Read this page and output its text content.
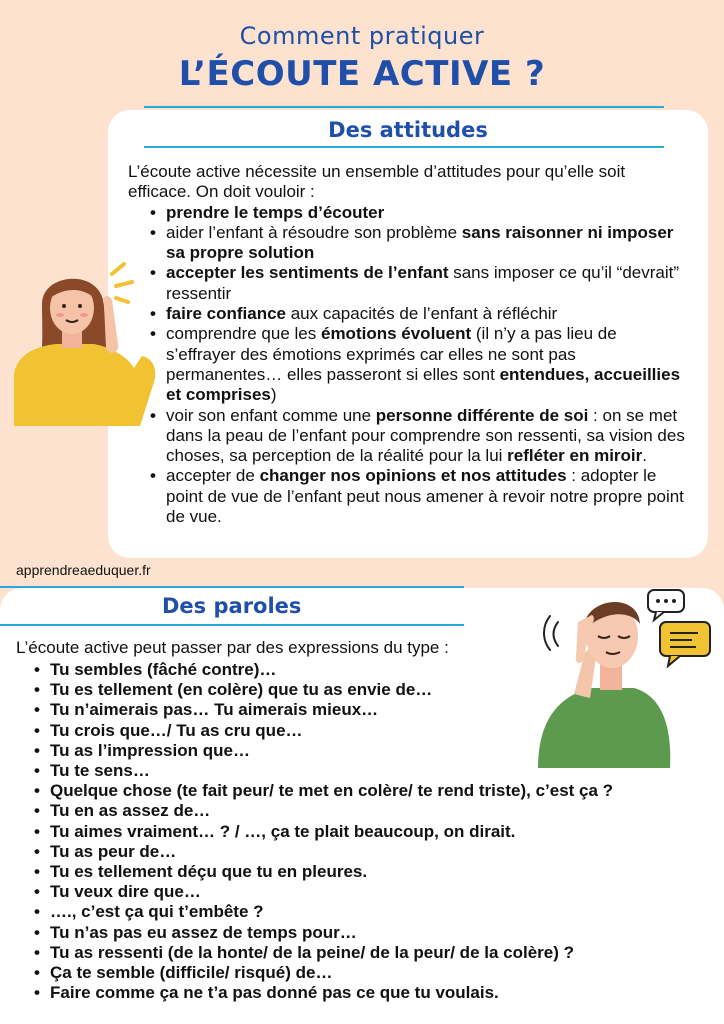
Comment pratiquer
L’ÉCOUTE ACTIVE ?
Des attitudes
L’écoute active nécessite un ensemble d’attitudes pour qu’elle soit efficace. On doit vouloir :
• prendre le temps d’écouter
• aider l’enfant à résoudre son problème sans raisonner ni imposer sa propre solution
• accepter les sentiments de l’enfant sans imposer ce qu’il “devrait” ressentir
• faire confiance aux capacités de l’enfant à réfléchir
• comprendre que les émotions évoluent (il n’y a pas lieu de s’effrayer des émotions exprimés car elles ne sont pas permanentes… elles passeront si elles sont entendues, accueillies et comprises)
• voir son enfant comme une personne différente de soi : on se met dans la peau de l’enfant pour comprendre son ressenti, sa vision des choses, sa perception de la réalité pour la lui refléter en miroir.
• accepter de changer nos opinions et nos attitudes : adopter le point de vue de l’enfant peut nous amener à revoir notre propre point de vue.
apprendreaeduquer.fr
Des paroles
L’écoute active peut passer par des expressions du type :
• Tu sembles (fâché contre)…
• Tu es tellement (en colère) que tu as envie de…
• Tu n’aimerais pas… Tu aimerais mieux…
• Tu crois que…/ Tu as cru que…
• Tu as l’impression que…
• Tu te sens…
• Quelque chose (te fait peur/ te met en colère/ te rend triste), c’est ça ?
• Tu en as assez de…
• Tu aimes vraiment… ? / …, ça te plait beaucoup, on dirait.
• Tu as peur de…
• Tu es tellement déçu que tu en pleures.
• Tu veux dire que…
• …., c’est ça qui t’embête ?
• Tu n’as pas eu assez de temps pour…
• Tu as ressenti (de la honte/ de la peine/ de la peur/ de la colère) ?
• Ça te semble (difficile/ risqué) de…
• Faire comme ça ne t’a pas donné pas ce que tu voulais.
